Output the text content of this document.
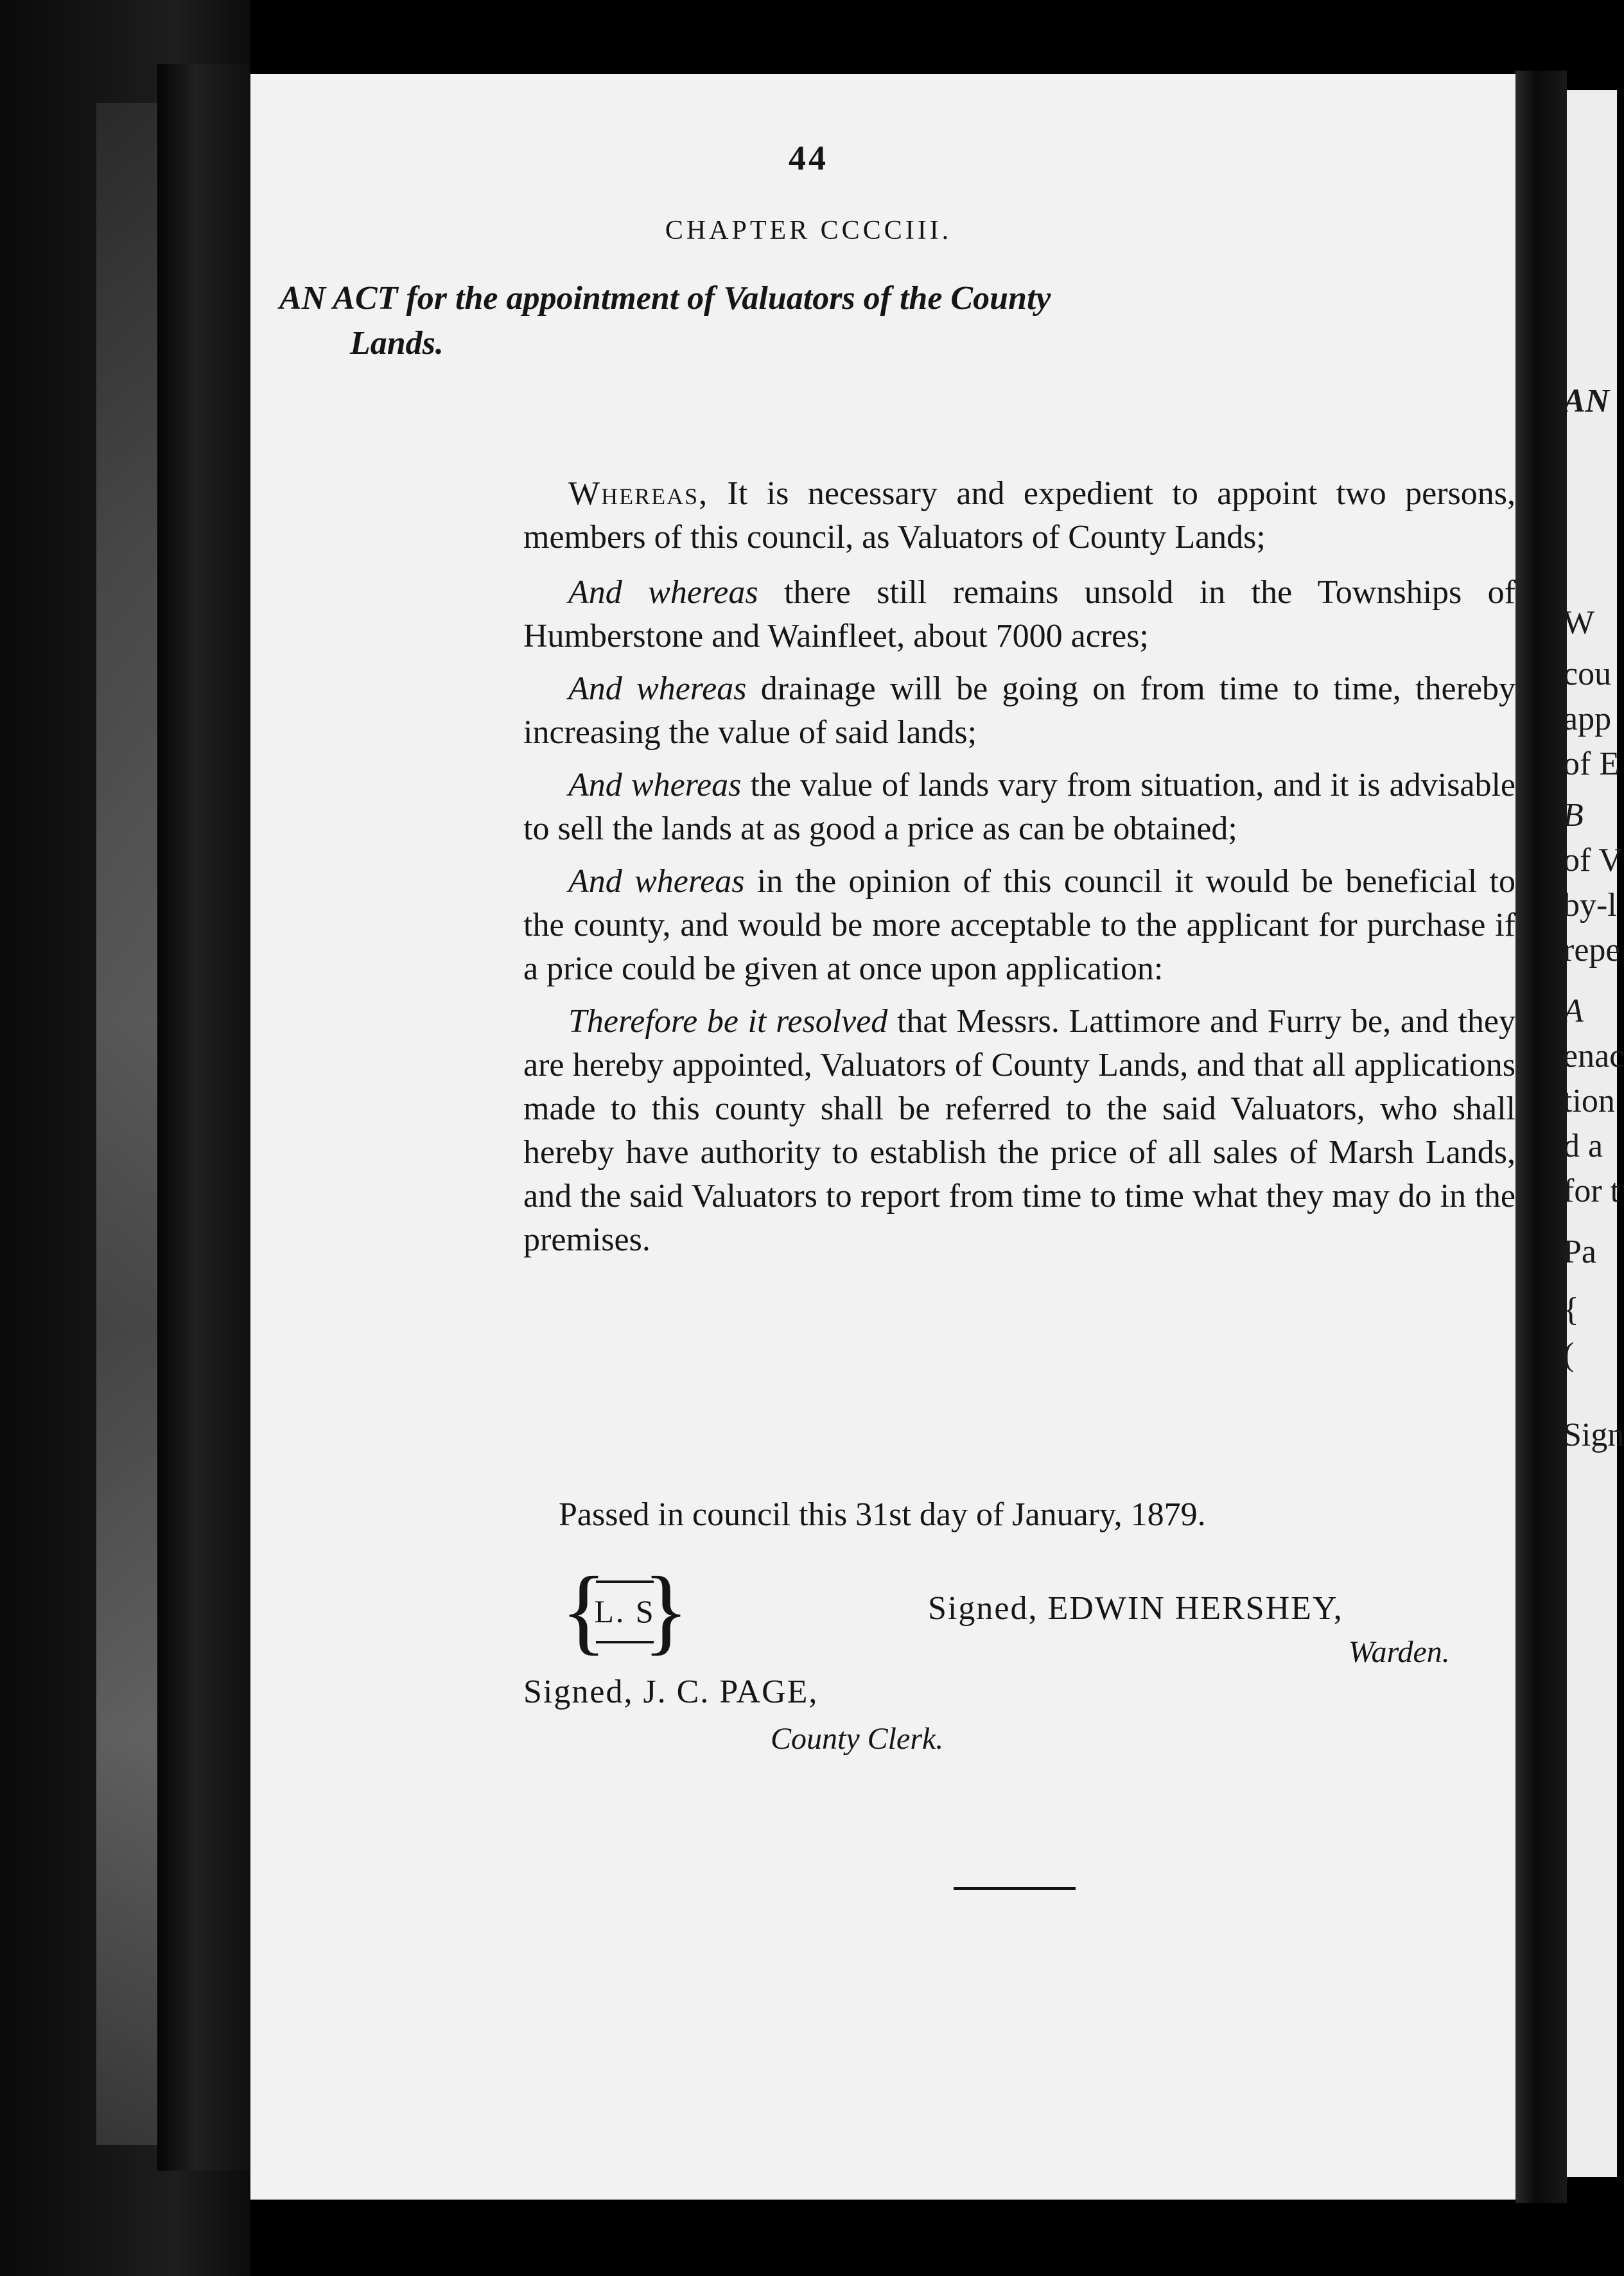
AN

W

cou

app

of E

B

of V

by-l

repe

A

enac

tion

d a

for t

Pa

{

(

Sign

44
CHAPTER CCCCIII.
AN ACT for the appointment of Valuators of the County
Lands.

Whereas, It is necessary and expedient to appoint two persons, members of this council, as Valuators of County Lands;

And whereas there still remains unsold in the Townships of Humberstone and Wainfleet, about 7000 acres;

And whereas drainage will be going on from time to time, thereby increasing the value of said lands;

And whereas the value of lands vary from situation, and it is advisable to sell the lands at as good a price as can be obtained;

And whereas in the opinion of this council it would be beneficial to the county, and would be more acceptable to the applicant for purchase if a price could be given at once upon application:

Therefore be it resolved that Messrs. Lattimore and Furry be, and they are hereby appointed, Valuators of County Lands, and that all applications made to this county shall be referred to the said Valuators, who shall hereby have authority to establish the price of all sales of Marsh Lands, and the said Valuators to report from time to time what they may do in the premises.

Passed in council this 31st day of January, 1879.
{
L. S
}	Signed, EDWIN HERSHEY,
Warden.
Signed, J. C. PAGE,
County Clerk.
